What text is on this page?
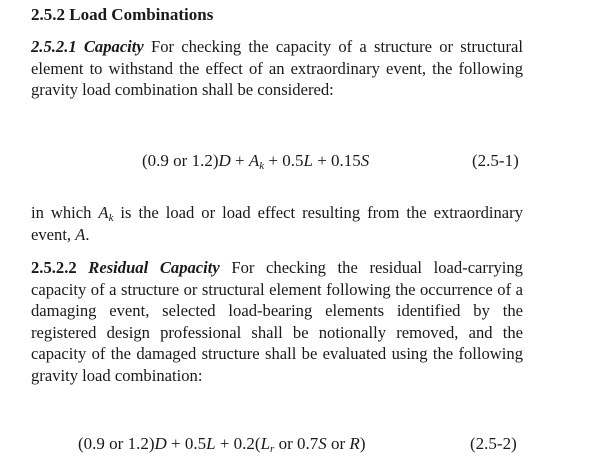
2.5.2 Load Combinations
2.5.2.1 Capacity For checking the capacity of a structure or structural element to withstand the effect of an extraordinary event, the following gravity load combination shall be considered:
(0.9 or $1.2)D + A_k + 0.5L + 0.15S$	(2.5-1)
in which $A_k$ is the load or load effect resulting from the extraordinary event, A.
2.5.2.2 Residual Capacity For checking the residual load-carrying capacity of a structure or structural element following the occurrence of a damaging event, selected load-bearing elements identified by the registered design professional shall be notionally removed, and the capacity of the damaged structure shall be evaluated using the following gravity load combination:
(0.9 or $1.2)D + 0.5L + 0.2(L_r$ or 0.7S or R)	(2.5-2)
